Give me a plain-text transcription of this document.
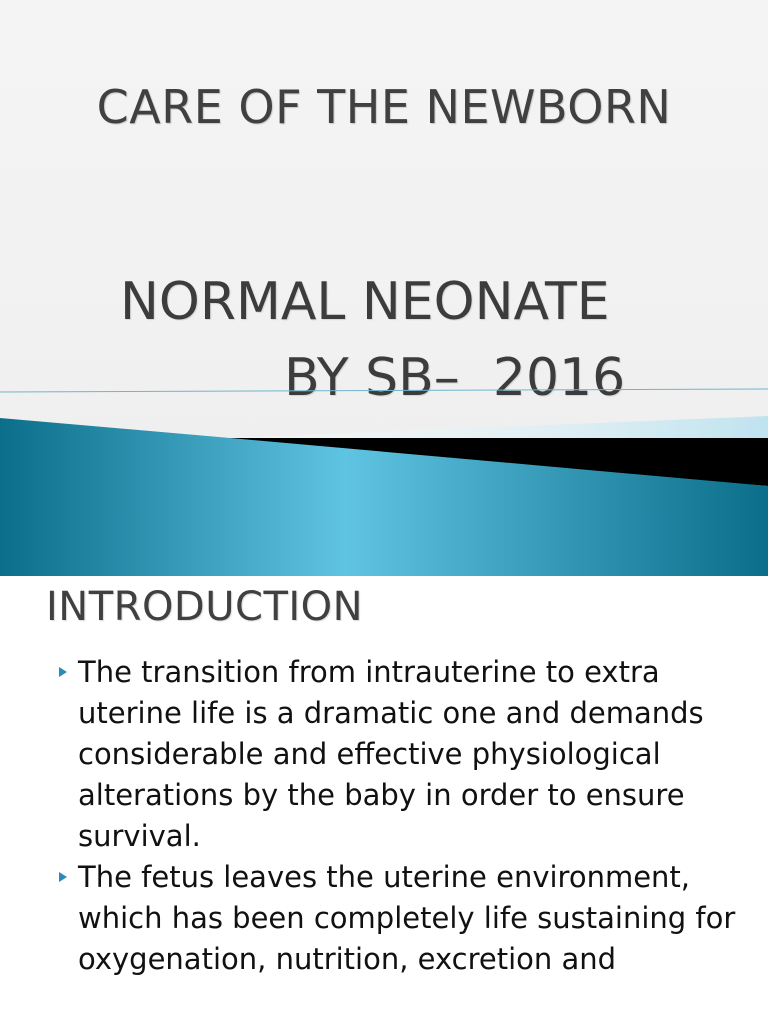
CARE OF THE NEWBORN
NORMAL NEONATE
BY SB–  2016
INTRODUCTION
The transition from intrauterine to extra uterine life is a dramatic one and demands considerable and effective physiological alterations by the baby in order to ensure survival.
The fetus leaves the uterine environment, which has been completely life sustaining for oxygenation, nutrition, excretion and
